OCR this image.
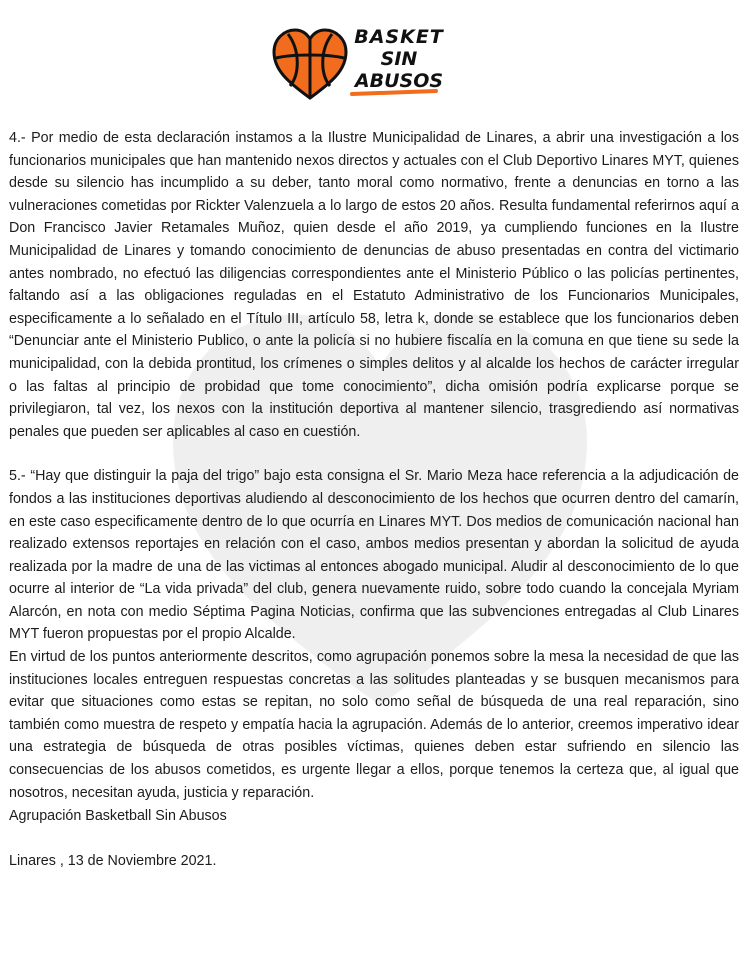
BASKET
SIN
ABUSOS

4.- Por medio de esta declaración instamos a la Ilustre Municipalidad de Linares, a abrir una investigación a los funcionarios municipales que han mantenido nexos directos y actuales con el Club Deportivo Linares MYT, quienes desde su silencio has incumplido a su deber, tanto moral como normativo, frente a denuncias en torno a las vulneraciones cometidas por Rickter Valenzuela a lo largo de estos 20 años. Resulta fundamental referirnos aquí a Don Francisco Javier Retamales Muñoz, quien desde el año 2019, ya cumpliendo funciones en la Ilustre Municipalidad de Linares y tomando conocimiento de denuncias de abuso presentadas en contra del victimario antes nombrado, no efectuó las diligencias correspondientes ante el Ministerio Público o las policías pertinentes, faltando así a las obligaciones reguladas en el Estatuto Administrativo de los Funcionarios Municipales, especificamente a lo señalado en el Título III, artículo 58, letra k, donde se establece que los funcionarios deben “Denunciar ante el Ministerio Publico, o ante la policía si no hubiere fiscalía en la comuna en que tiene su sede la municipalidad, con la debida prontitud, los crímenes o simples delitos y al alcalde los hechos de carácter irregular o las faltas al principio de probidad que tome conocimiento”, dicha omisión podría explicarse porque se privilegiaron, tal vez, los nexos con la institución deportiva al mantener silencio, trasgrediendo así normativas penales que pueden ser aplicables al caso en cuestión.

5.- “Hay que distinguir la paja del trigo” bajo esta consigna el Sr. Mario Meza hace referencia a la adjudicación de fondos a las instituciones deportivas aludiendo al desconocimiento de los hechos que ocurren dentro del camarín, en este caso especificamente dentro de lo que ocurría en Linares MYT. Dos medios de comunicación nacional han realizado extensos reportajes en relación con el caso, ambos medios presentan y abordan la solicitud de ayuda realizada por la madre de una de las victimas al entonces abogado municipal. Aludir al desconocimiento de lo que ocurre al interior de “La vida privada” del club, genera nuevamente ruido, sobre todo cuando la concejala Myriam Alarcón, en nota con medio Séptima Pagina Noticias, confirma que las subvenciones entregadas al Club Linares MYT fueron propuestas por el propio Alcalde.

En virtud de los puntos anteriormente descritos, como agrupación ponemos sobre la mesa la necesidad de que las instituciones locales entreguen respuestas concretas a las solitudes planteadas y se busquen mecanismos para evitar que situaciones como estas se repitan, no solo como señal de búsqueda de una real reparación, sino también como muestra de respeto y empatía hacia la agrupación. Además de lo anterior, creemos imperativo idear una estrategia de búsqueda de otras posibles víctimas, quienes deben estar sufriendo en silencio las consecuencias de los abusos cometidos, es urgente llegar a ellos, porque tenemos la certeza que, al igual que nosotros, necesitan ayuda, justicia y reparación.

Agrupación Basketball Sin Abusos

Linares , 13 de Noviembre 2021.
